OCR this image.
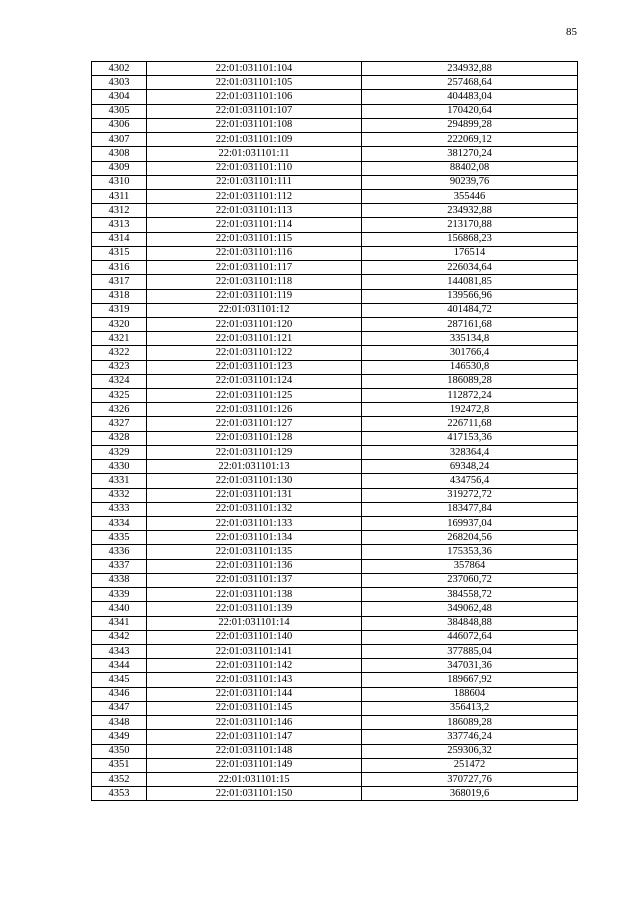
85
4302	22:01:031101:104	234932,88
4303	22:01:031101:105	257468,64
4304	22:01:031101:106	404483,04
4305	22:01:031101:107	170420,64
4306	22:01:031101:108	294899,28
4307	22:01:031101:109	222069,12
4308	22:01:031101:11	381270,24
4309	22:01:031101:110	88402,08
4310	22:01:031101:111	90239,76
4311	22:01:031101:112	355446
4312	22:01:031101:113	234932,88
4313	22:01:031101:114	213170,88
4314	22:01:031101:115	156868,23
4315	22:01:031101:116	176514
4316	22:01:031101:117	226034,64
4317	22:01:031101:118	144081,85
4318	22:01:031101:119	139566,96
4319	22:01:031101:12	401484,72
4320	22:01:031101:120	287161,68
4321	22:01:031101:121	335134,8
4322	22:01:031101:122	301766,4
4323	22:01:031101:123	146530,8
4324	22:01:031101:124	186089,28
4325	22:01:031101:125	112872,24
4326	22:01:031101:126	192472,8
4327	22:01:031101:127	226711,68
4328	22:01:031101:128	417153,36
4329	22:01:031101:129	328364,4
4330	22:01:031101:13	69348,24
4331	22:01:031101:130	434756,4
4332	22:01:031101:131	319272,72
4333	22:01:031101:132	183477,84
4334	22:01:031101:133	169937,04
4335	22:01:031101:134	268204,56
4336	22:01:031101:135	175353,36
4337	22:01:031101:136	357864
4338	22:01:031101:137	237060,72
4339	22:01:031101:138	384558,72
4340	22:01:031101:139	349062,48
4341	22:01:031101:14	384848,88
4342	22:01:031101:140	446072,64
4343	22:01:031101:141	377885,04
4344	22:01:031101:142	347031,36
4345	22:01:031101:143	189667,92
4346	22:01:031101:144	188604
4347	22:01:031101:145	356413,2
4348	22:01:031101:146	186089,28
4349	22:01:031101:147	337746,24
4350	22:01:031101:148	259306,32
4351	22:01:031101:149	251472
4352	22:01:031101:15	370727,76
4353	22:01:031101:150	368019,6
